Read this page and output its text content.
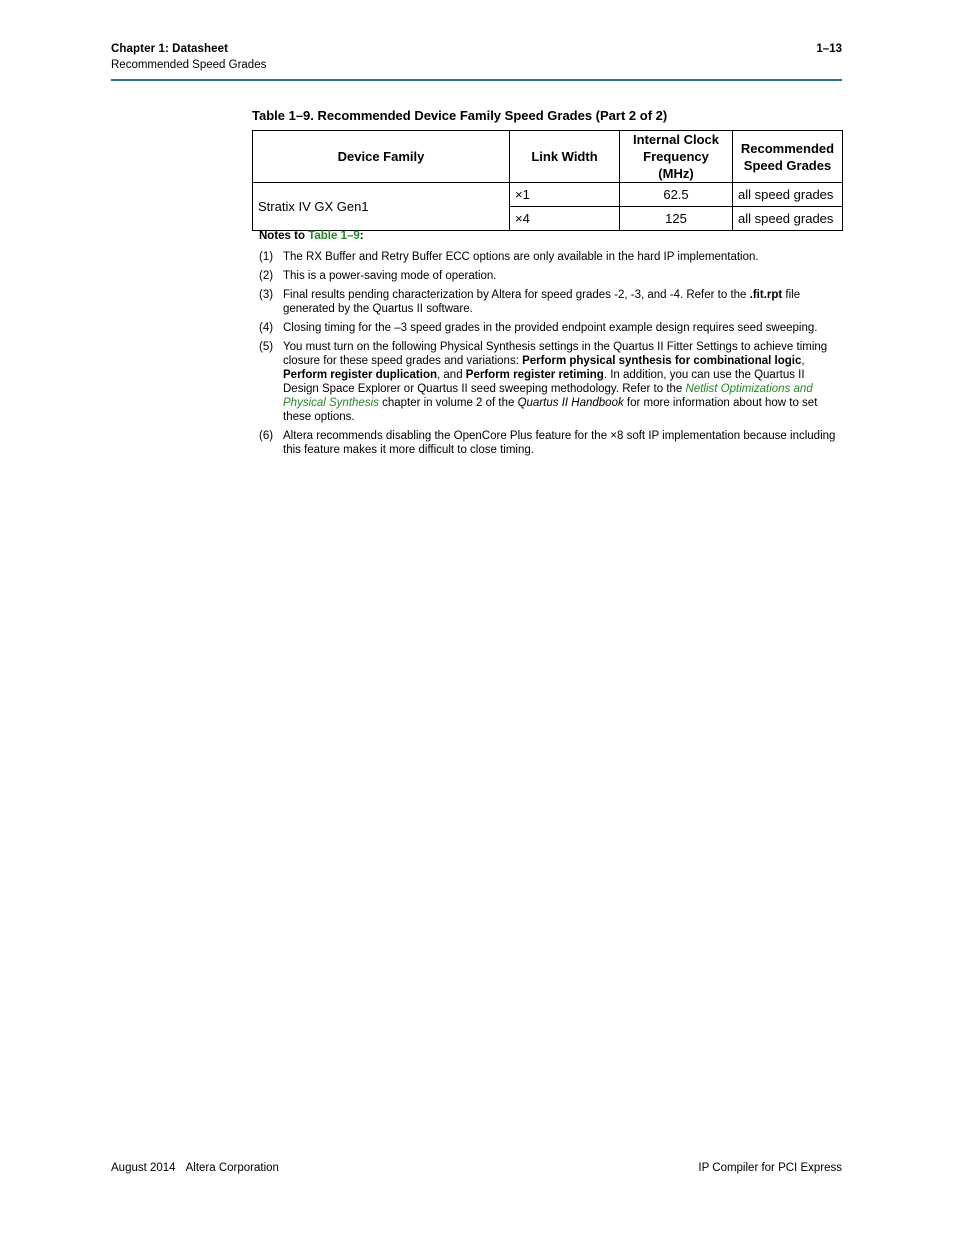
Chapter 1: Datasheet
Recommended Speed Grades
1–13
Table 1–9. Recommended Device Family Speed Grades (Part 2 of 2)
Device Family	Link Width	Internal Clock Frequency (MHz)	Recommended Speed Grades
Stratix IV GX Gen1	×1	62.5	all speed grades
	×4	125	all speed grades
Notes to Table 1–9:
(1) The RX Buffer and Retry Buffer ECC options are only available in the hard IP implementation.
(2) This is a power-saving mode of operation.
(3) Final results pending characterization by Altera for speed grades -2, -3, and -4. Refer to the .fit.rpt file generated by the Quartus II software.
(4) Closing timing for the –3 speed grades in the provided endpoint example design requires seed sweeping.
(5) You must turn on the following Physical Synthesis settings in the Quartus II Fitter Settings to achieve timing closure for these speed grades and variations: Perform physical synthesis for combinational logic, Perform register duplication, and Perform register retiming. In addition, you can use the Quartus II Design Space Explorer or Quartus II seed sweeping methodology. Refer to the Netlist Optimizations and Physical Synthesis chapter in volume 2 of the Quartus II Handbook for more information about how to set these options.
(6) Altera recommends disabling the OpenCore Plus feature for the ×8 soft IP implementation because including this feature makes it more difficult to close timing.
August 2014 Altera Corporation	IP Compiler for PCI Express
